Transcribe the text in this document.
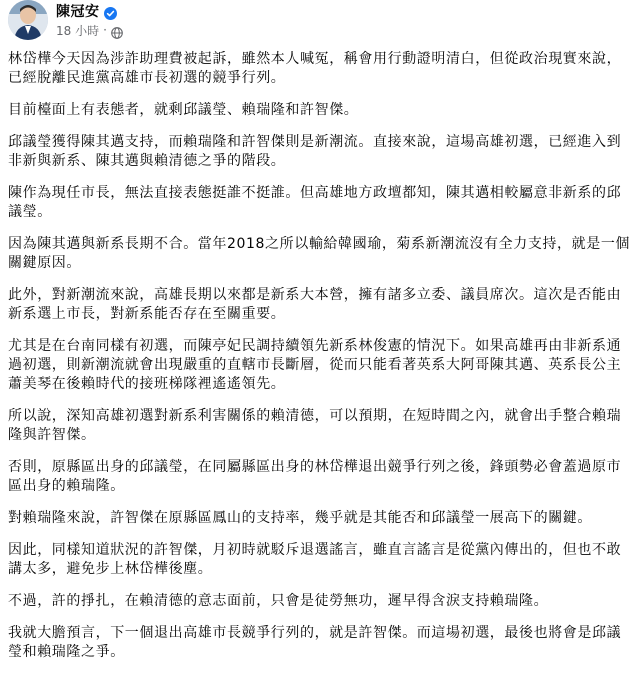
陳冠安
18 小時 ·

林岱樺今天因為涉詐助理費被起訴，雖然本人喊冤，稱會用行動證明清白，但從政治現實來說，已經脫離民進黨高雄市長初選的競爭行列。

目前檯面上有表態者，就剩邱議瑩、賴瑞隆和許智傑。

邱議瑩獲得陳其邁支持，而賴瑞隆和許智傑則是新潮流。直接來說，這場高雄初選，已經進入到非新與新系、陳其邁與賴清德之爭的階段。

陳作為現任市長，無法直接表態挺誰不挺誰。但高雄地方政壇都知，陳其邁相較屬意非新系的邱議瑩。

因為陳其邁與新系長期不合。當年2018之所以輸給韓國瑜，菊系新潮流沒有全力支持，就是一個關鍵原因。

此外，對新潮流來說，高雄長期以來都是新系大本營，擁有諸多立委、議員席次。這次是否能由新系選上市長，對新系能否存在至關重要。

尤其是在台南同樣有初選，而陳亭妃民調持續領先新系林俊憲的情況下。如果高雄再由非新系通過初選，則新潮流就會出現嚴重的直轄市長斷層，從而只能看著英系大阿哥陳其邁、英系長公主蕭美琴在後賴時代的接班梯隊裡遙遙領先。

所以說，深知高雄初選對新系利害關係的賴清德，可以預期，在短時間之內，就會出手整合賴瑞隆與許智傑。

否則，原縣區出身的邱議瑩，在同屬縣區出身的林岱樺退出競爭行列之後，鋒頭勢必會蓋過原市區出身的賴瑞隆。

對賴瑞隆來說，許智傑在原縣區鳳山的支持率，幾乎就是其能否和邱議瑩一展高下的關鍵。

因此，同樣知道狀況的許智傑，月初時就駁斥退選謠言，雖直言謠言是從黨內傳出的，但也不敢講太多，避免步上林岱樺後塵。

不過，許的掙扎，在賴清德的意志面前，只會是徒勞無功，遲早得含淚支持賴瑞隆。

我就大膽預言，下一個退出高雄市長競爭行列的，就是許智傑。而這場初選，最後也將會是邱議瑩和賴瑞隆之爭。
